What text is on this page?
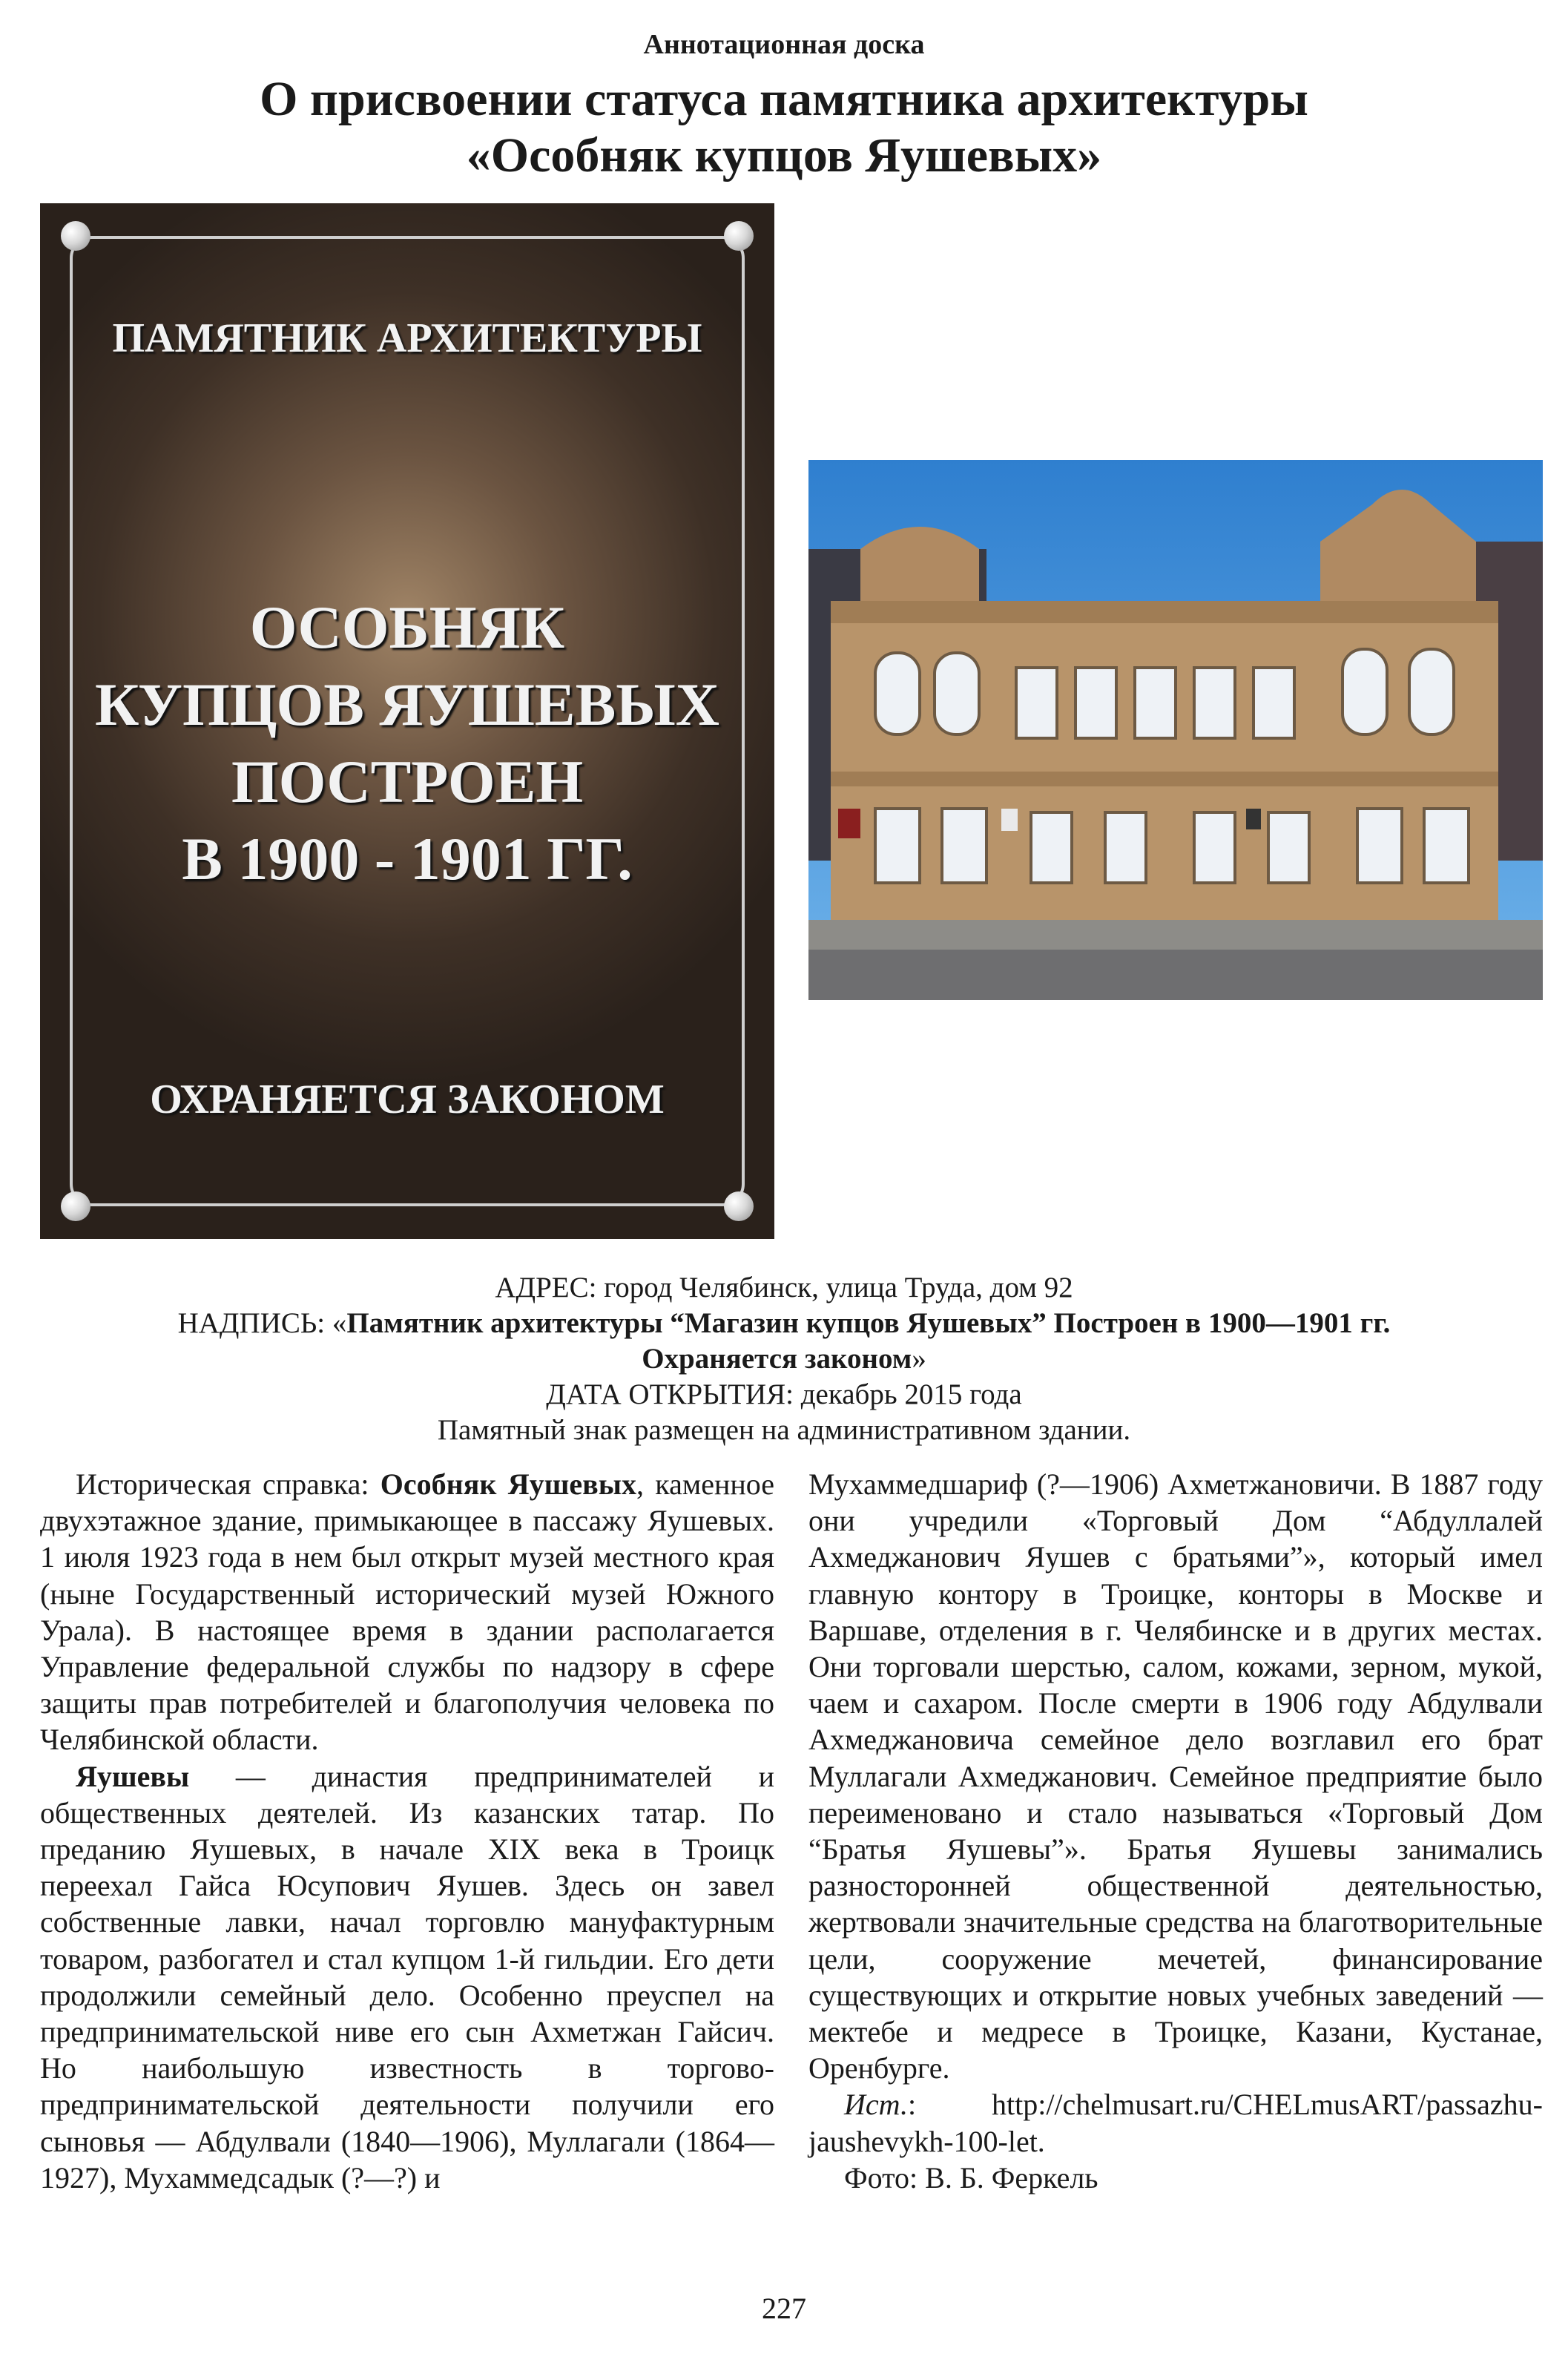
Аннотационная доска
О присвоении статуса памятника архитектуры
«Особняк купцов Яушевых»
ПАМЯТНИК АРХИТЕКТУРЫ
ОСОБНЯК
КУПЦОВ ЯУШЕВЫХ
ПОСТРОЕН
В 1900 - 1901 ГГ.
ОХРАНЯЕТСЯ ЗАКОНОМ
АДРЕС: город Челябинск, улица Труда, дом 92
НАДПИСЬ: «Памятник архитектуры “Магазин купцов Яушевых” Построен в 1900—1901 гг.
Охраняется законом»
ДАТА ОТКРЫТИЯ: декабрь 2015 года
Памятный знак размещен на административном здании.

Историческая справка: Особняк Яушевых, каменное двухэтажное здание, примыкающее в пассажу Яушевых. 1 июля 1923 года в нем был открыт музей местного края (ныне Государственный исторический музей Южного Урала). В настоящее время в здании располагается Управление федеральной службы по надзору в сфере защиты прав потребителей и благополучия человека по Челябинской области.

Яушевы — династия предпринимателей и общественных деятелей. Из казанских татар. По преданию Яушевых, в начале XIX века в Троицк переехал Гайса Юсупович Яушев. Здесь он завел собственные лавки, начал торговлю мануфактурным товаром, разбогател и стал купцом 1-й гильдии. Его дети продолжили семейный дело. Особенно преуспел на предпринимательской ниве его сын Ахметжан Гайсич. Но наибольшую известность в торгово-предпринимательской деятельности получили его сыновья — Абдулвали (1840—1906), Муллагали (1864—1927), Мухаммедсадык (?—?) и

Мухаммедшариф (?—1906) Ахметжановичи. В 1887 году они учредили «Торговый Дом “Абдуллалей Ахмеджанович Яушев с братьями”», который имел главную контору в Троицке, конторы в Москве и Варшаве, отделения в г. Челябинске и в других местах. Они торговали шерстью, салом, кожами, зерном, мукой, чаем и сахаром. После смерти в 1906 году Абдулвали Ахмеджановича семейное дело возглавил его брат Муллагали Ахмеджанович. Семейное предприятие было переименовано и стало называться «Торговый Дом “Братья Яушевы”». Братья Яушевы занимались разносторонней общественной деятельностью, жертвовали значительные средства на благотворительные цели, сооружение мечетей, финансирование существующих и открытие новых учебных заведений — мектебе и медресе в Троицке, Казани, Кустанае, Оренбурге.

Ист.: http://chelmusart.ru/CHELmusART/passazhu-jaushevykh-100-let.

Фото: В. Б. Феркель

227
